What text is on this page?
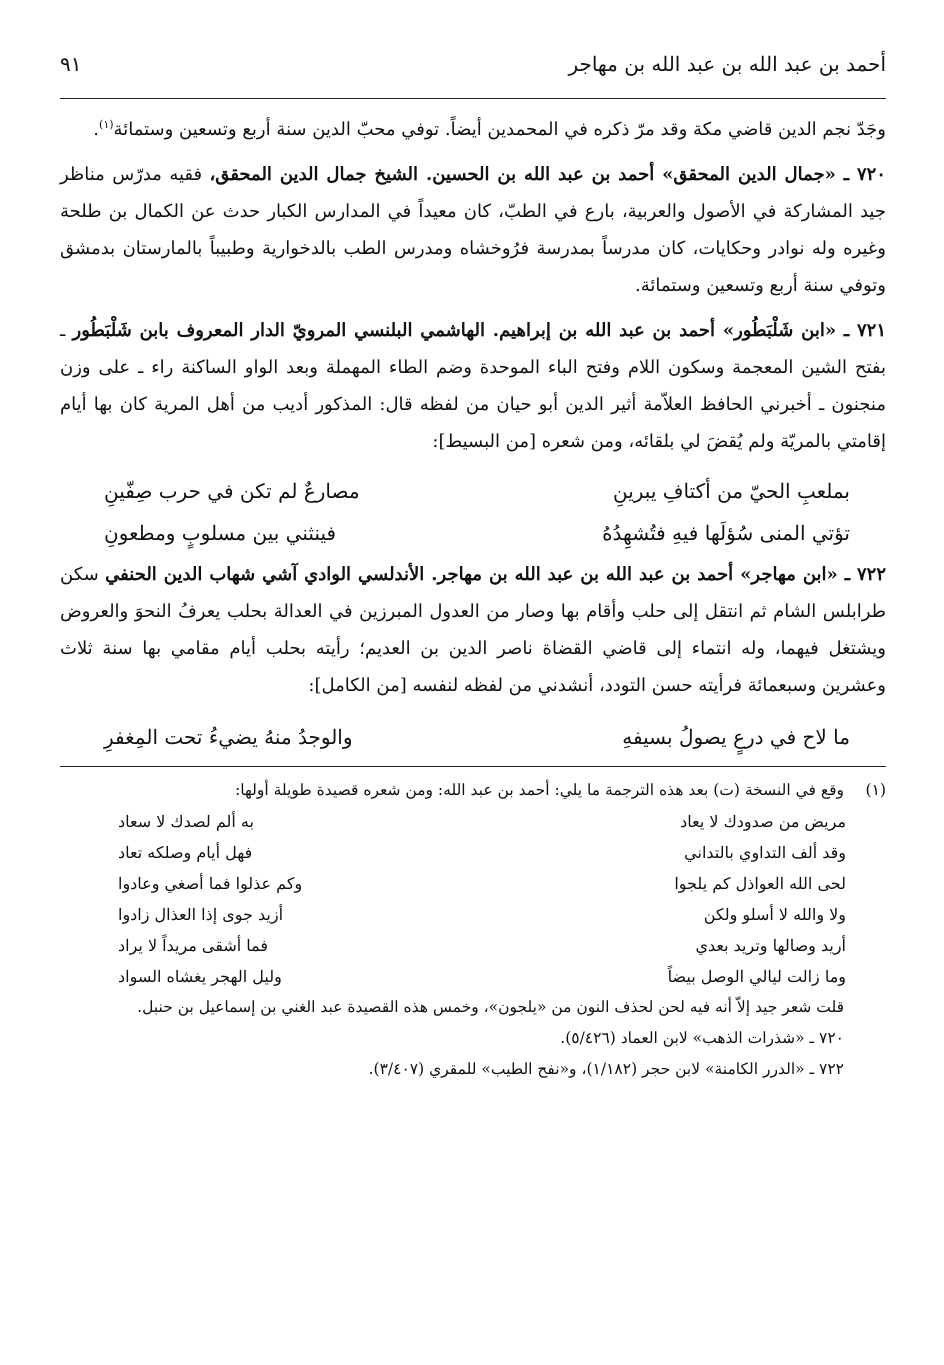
أحمد بن عبد الله بن عبد الله بن مهاجر
٩١

وجَدّ نجم الدين قاضي مكة وقد مرّ ذكره في المحمدين أيضاً. توفي محبّ الدين سنة أربع وتسعين وستمائة$^{(١)}$.

٧٢٠ ـ «جمال الدين المحقق» أحمد بن عبد الله بن الحسين. الشيخ جمال الدين المحقق، فقيه مدرّس مناظر جيد المشاركة في الأصول والعربية، بارع في الطبّ، كان معيداً في المدارس الكبار حدث عن الكمال بن طلحة وغيره وله نوادر وحكايات، كان مدرساً بمدرسة فرُوخشاه ومدرس الطب بالدخوارية وطبيباً بالمارستان بدمشق وتوفي سنة أربع وتسعين وستمائة.

٧٢١ ـ «ابن شَلْبَطُور» أحمد بن عبد الله بن إبراهيم. الهاشمي البلنسي المرويّ الدار المعروف بابن شَلْبَطُور ـ بفتح الشين المعجمة وسكون اللام وفتح الباء الموحدة وضم الطاء المهملة وبعد الواو الساكنة راء ـ على وزن منجنون ـ أخبرني الحافظ العلاّمة أثير الدين أبو حيان من لفظه قال: المذكور أديب من أهل المرية كان بها أيام إقامتي بالمريّة ولم يُقضَ لي بلقائه، ومن شعره [من البسيط]:

بملعبِ الحيّ من أكتافِ يبرينِ
مصارعٌ لم تكن في حرب صِفّينِ
تؤتي المنى سُؤلَها فيهِ فتُشهِدُهُ
فينثني بين مسلوبٍ ومطعونِ

٧٢٢ ـ «ابن مهاجر» أحمد بن عبد الله بن عبد الله بن مهاجر. الأندلسي الوادي آشي شهاب الدين الحنفي سكن طرابلس الشام ثم انتقل إلى حلب وأقام بها وصار من العدول المبرزين في العدالة بحلب يعرفُ النحوَ والعروض ويشتغل فيهما، وله انتماء إلى قاضي القضاة ناصر الدين بن العديم؛ رأيته بحلب أيام مقامي بها سنة ثلاث وعشرين وسبعمائة فرأيته حسن التودد، أنشدني من لفظه لنفسه [من الكامل]:

ما لاح في درعٍ يصولُ بسيفهِ
والوجدُ منهُ يضيءُ تحت المِغفرِ
(١)وقع في النسخة (ت) بعد هذه الترجمة ما يلي: أحمد بن عبد الله: ومن شعره قصيدة طويلة أولها:
مريض من صدودك لا يعاد
به ألم لصدك لا سعاد
وقد ألف التداوي بالتداني
فهل أيام وصلكه تعاد
لحى الله العواذل كم يلجوا
وكم عذلوا فما أصغي وعادوا
ولا والله لا أسلو ولكن
أزيد جوى إذا العذال زادوا
أريد وصالها وتريد بعدي
فما أشقى مريداً لا يراد
وما زالت ليالي الوصل بيضاً
وليل الهجر يغشاه السواد
قلت شعر جيد إلاّ أنه فيه لحن لحذف النون من «يلجون»، وخمس هذه القصيدة عبد الغني بن إسماعيل بن حنبل.
٧٢٠ ـ «شذرات الذهب» لابن العماد (٥/٤٢٦).
٧٢٢ ـ «الدرر الكامنة» لابن حجر (١/١٨٢)، و«نفح الطيب» للمقري (٣/٤٠٧).
